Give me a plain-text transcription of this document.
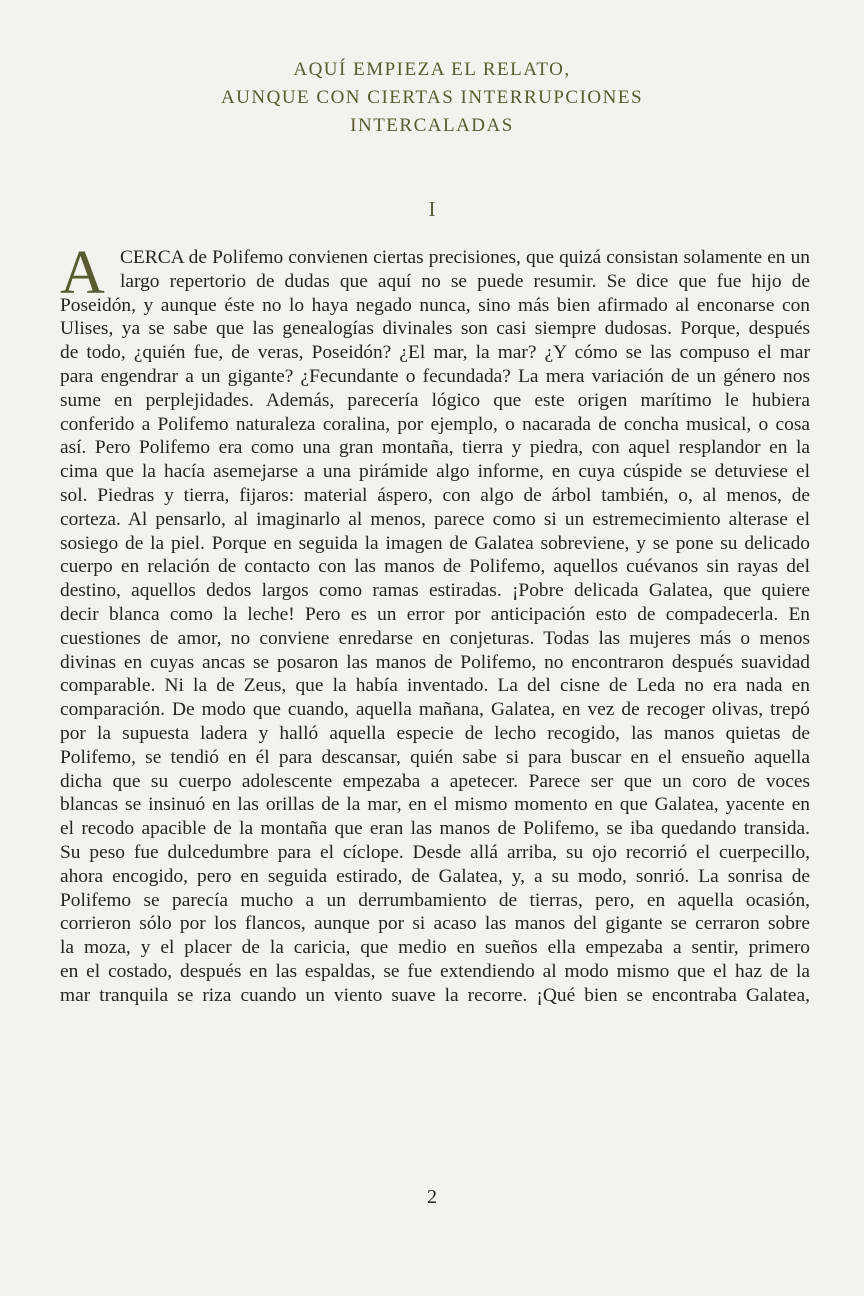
AQUÍ EMPIEZA EL RELATO,
AUNQUE CON CIERTAS INTERRUPCIONES
INTERCALADAS
I
A CERCA de Polifemo convienen ciertas precisiones, que quizá consistan solamente en un
largo repertorio de dudas que aquí no se puede resumir. Se dice que fue hijo de
Poseidón, y aunque éste no lo haya negado nunca, sino más bien afirmado al enconarse con
Ulises, ya se sabe que las genealogías divinales son casi siempre dudosas. Porque, después
de todo, ¿quién fue, de veras, Poseidón? ¿El mar, la mar? ¿Y cómo se las compuso el mar
para engendrar a un gigante? ¿Fecundante o fecundada? La mera variación de un género nos
sume en perplejidades. Además, parecería lógico que este origen marítimo le hubiera
conferido a Polifemo naturaleza coralina, por ejemplo, o nacarada de concha musical, o cosa
así. Pero Polifemo era como una gran montaña, tierra y piedra, con aquel resplandor en la
cima que la hacía asemejarse a una pirámide algo informe, en cuya cúspide se detuviese el
sol. Piedras y tierra, fijaros: material áspero, con algo de árbol también, o, al menos, de
corteza. Al pensarlo, al imaginarlo al menos, parece como si un estremecimiento alterase el
sosiego de la piel. Porque en seguida la imagen de Galatea sobreviene, y se pone su delicado
cuerpo en relación de contacto con las manos de Polifemo, aquellos cuévanos sin rayas del
destino, aquellos dedos largos como ramas estiradas. ¡Pobre delicada Galatea, que quiere
decir blanca como la leche! Pero es un error por anticipación esto de compadecerla. En
cuestiones de amor, no conviene enredarse en conjeturas. Todas las mujeres más o menos
divinas en cuyas ancas se posaron las manos de Polifemo, no encontraron después suavidad
comparable. Ni la de Zeus, que la había inventado. La del cisne de Leda no era nada en
comparación. De modo que cuando, aquella mañana, Galatea, en vez de recoger olivas, trepó
por la supuesta ladera y halló aquella especie de lecho recogido, las manos quietas de
Polifemo, se tendió en él para descansar, quién sabe si para buscar en el ensueño aquella
dicha que su cuerpo adolescente empezaba a apetecer. Parece ser que un coro de voces
blancas se insinuó en las orillas de la mar, en el mismo momento en que Galatea, yacente en
el recodo apacible de la montaña que eran las manos de Polifemo, se iba quedando transida.
Su peso fue dulcedumbre para el cíclope. Desde allá arriba, su ojo recorrió el cuerpecillo,
ahora encogido, pero en seguida estirado, de Galatea, y, a su modo, sonrió. La sonrisa de
Polifemo se parecía mucho a un derrumbamiento de tierras, pero, en aquella ocasión,
corrieron sólo por los flancos, aunque por si acaso las manos del gigante se cerraron sobre
la moza, y el placer de la caricia, que medio en sueños ella empezaba a sentir, primero
en el costado, después en las espaldas, se fue extendiendo al modo mismo que el haz de la
mar tranquila se riza cuando un viento suave la recorre. ¡Qué bien se encontraba Galatea,
2
